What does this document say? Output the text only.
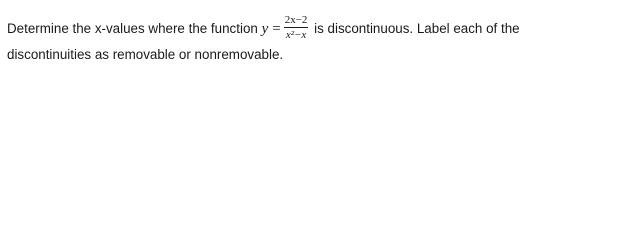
Determine the x-values where the function $y = \frac{2x-2}{\text{x²−x}}$ is discontinuous. Label each of the
discontinuities as removable or nonremovable.
